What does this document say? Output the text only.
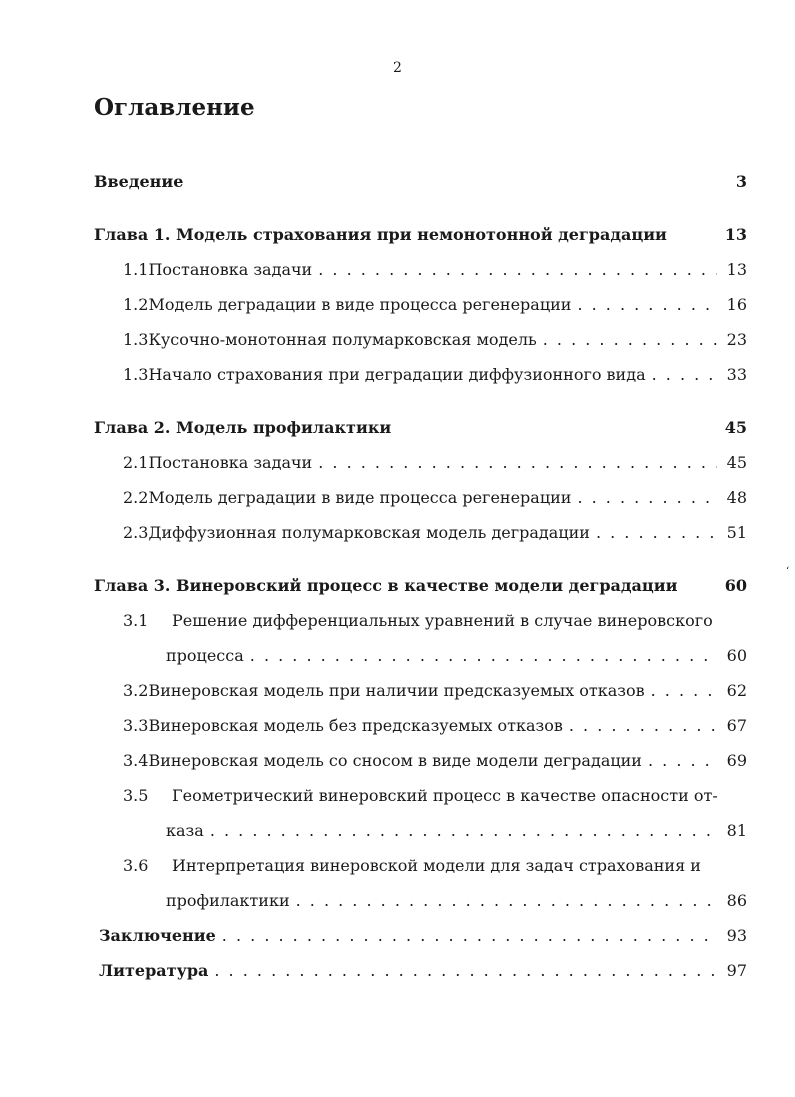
2
Оглавление
Введение	3
Глава 1. Модель страхования при немонотонной деградации	13
1.1 Постановка задачи . . .	13
1.2 Модель деградации в виде процесса регенерации . . .	16
1.3 Кусочно-монотонная полумарковская модель . . .	23
1.3 Начало страхования при деградации диффузионного вида . . .	33
Глава 2. Модель профилактики	45
2.1 Постановка задачи . . .	45
2.2 Модель деградации в виде процесса регенерации . . .	48
2.3 Диффузионная полумарковская модель деградации . . .	51
Глава 3. Винеровский процесс в качестве модели деградации	60
3.1	Решение дифференциальных уравнений в случае винеровского
процесса . . .	60
3.2 Винеровская модель при наличии предсказуемых отказов . . .	62
3.3 Винеровская модель без предсказуемых отказов . . .	67
3.4 Винеровская модель со сносом в виде модели деградации . . .	69
3.5	Геометрический винеровский процесс в качестве опасности от-
каза . . .	81
3.6	Интерпретация винеровской модели для задач страхования и
профилактики . . .	86
Заключение . . .	93
Литература . . .	97
‘
